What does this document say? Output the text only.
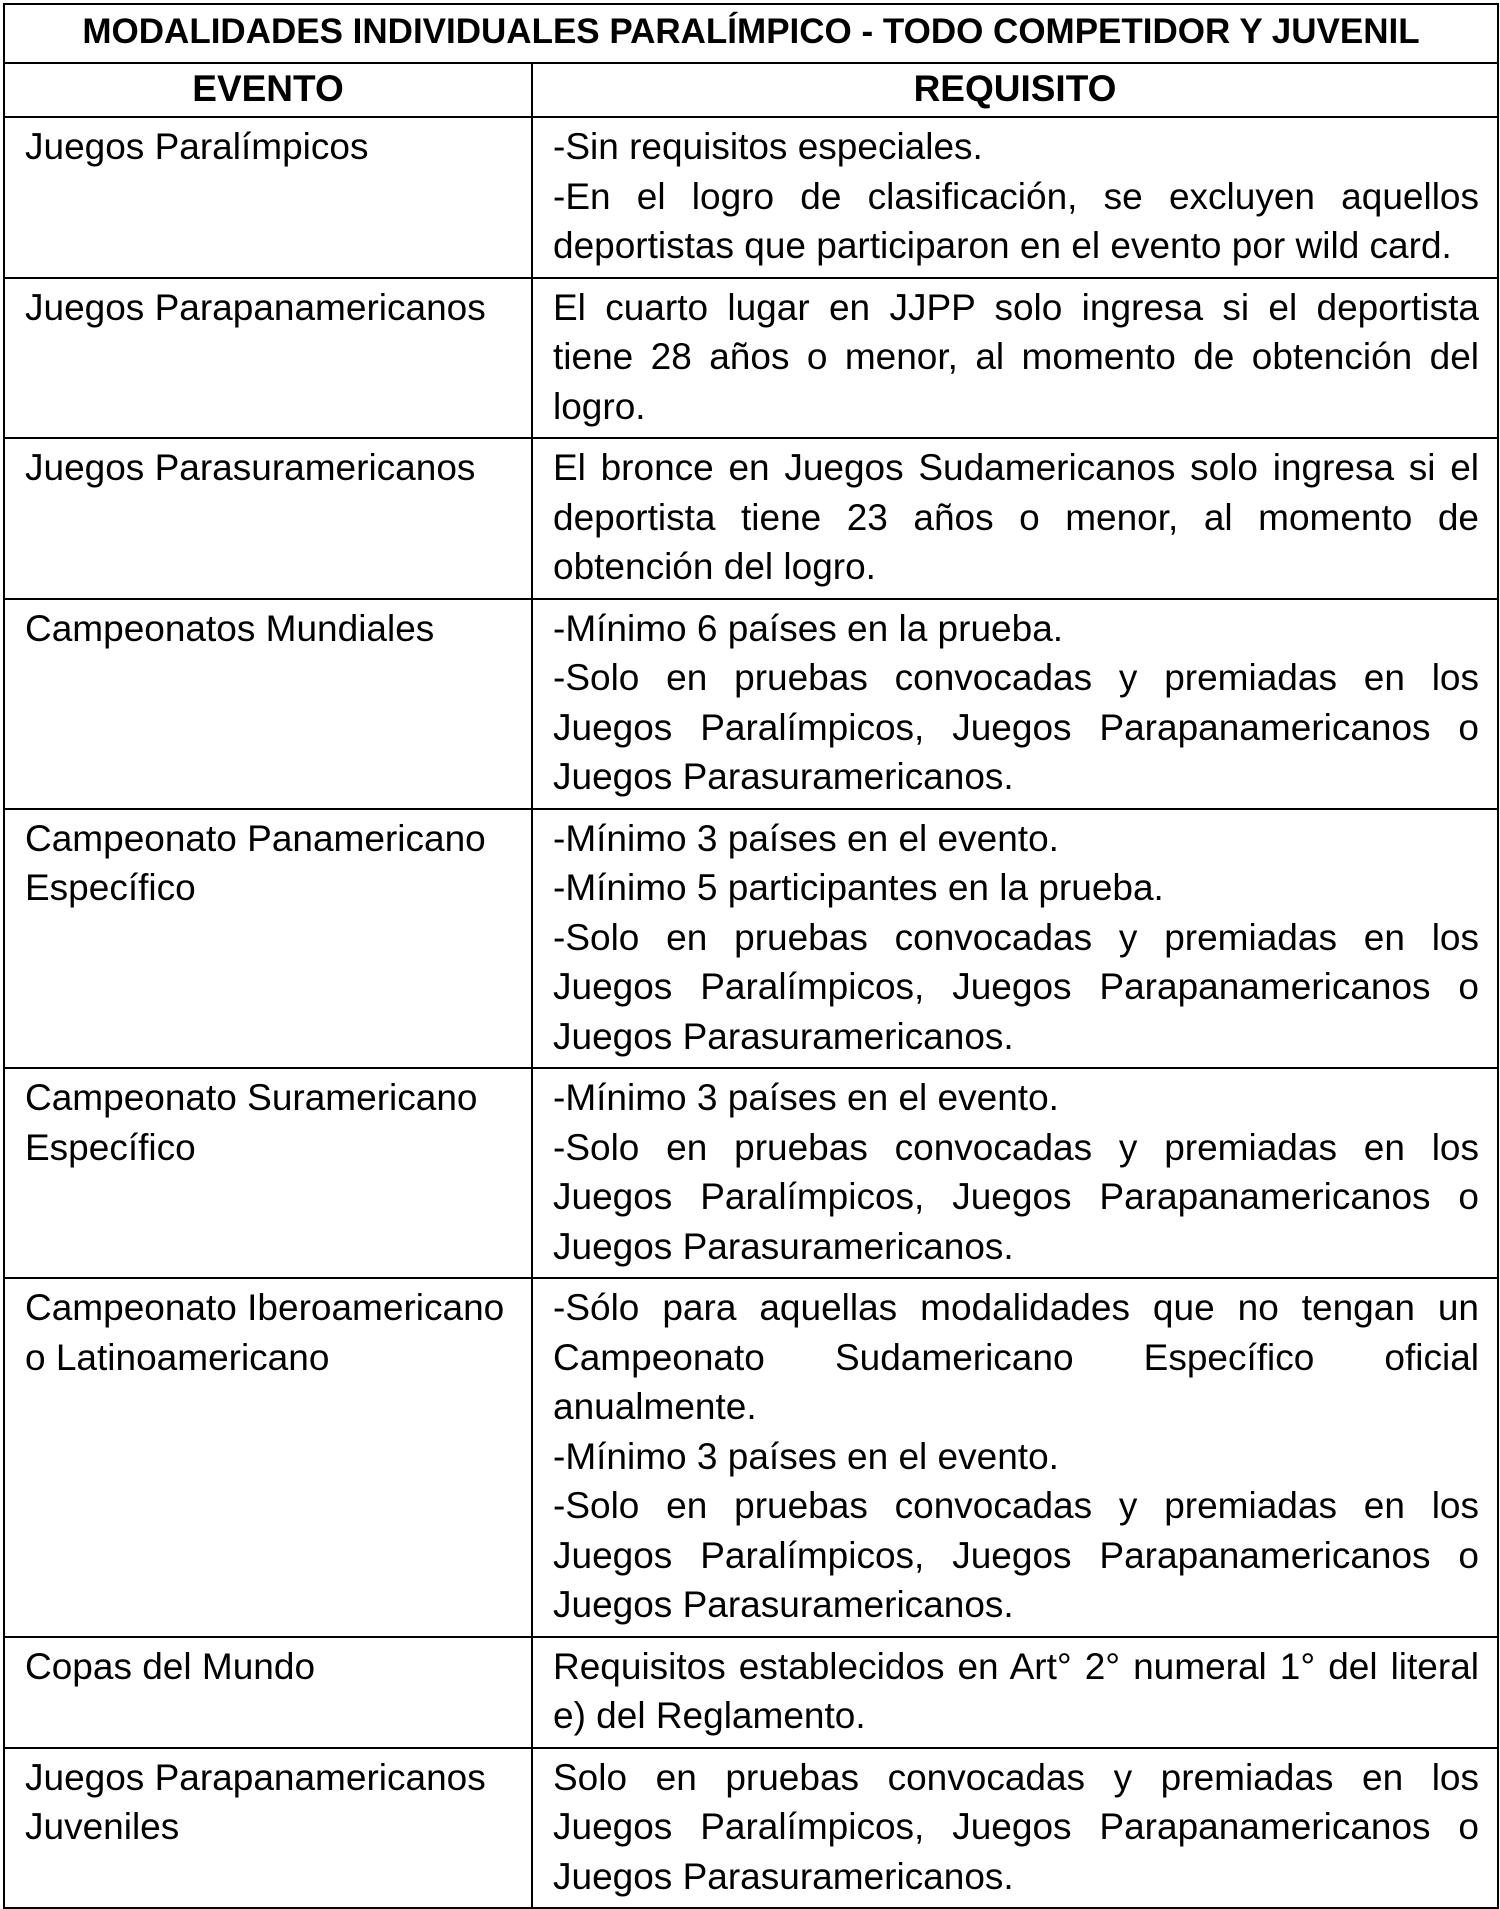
MODALIDADES INDIVIDUALES PARALÍMPICO - TODO COMPETIDOR Y JUVENIL	
EVENTO	REQUISITO
Juegos Paralímpicos	-Sin requisitos especiales.
-En el logro de clasificación, se excluyen aquellos deportistas que participaron en el evento por wild card.

Juegos Parapanamericanos	El cuarto lugar en JJPP solo ingresa si el deportista tiene 28 años o menor, al momento de obtención del logro.

Juegos Parasuramericanos	El bronce en Juegos Sudamericanos solo ingresa si el deportista tiene 23 años o menor, al momento de obtención del logro.

Campeonatos Mundiales	-Mínimo 6 países en la prueba.
-Solo en pruebas convocadas y premiadas en los Juegos Paralímpicos, Juegos Parapanamericanos o Juegos Parasuramericanos.

Campeonato Panamericano Específico	-Mínimo 3 países en el evento.
-Mínimo 5 participantes en la prueba.
-Solo en pruebas convocadas y premiadas en los Juegos Paralímpicos, Juegos Parapanamericanos o Juegos Parasuramericanos.

Campeonato Suramericano Específico	-Mínimo 3 países en el evento.
-Solo en pruebas convocadas y premiadas en los Juegos Paralímpicos, Juegos Parapanamericanos o Juegos Parasuramericanos.

Campeonato Iberoamericano o Latinoamericano	-Sólo para aquellas modalidades que no tengan un Campeonato Sudamericano Específico oficial anualmente.
-Mínimo 3 países en el evento.
-Solo en pruebas convocadas y premiadas en los Juegos Paralímpicos, Juegos Parapanamericanos o Juegos Parasuramericanos.

Copas del Mundo	Requisitos establecidos en Art° 2° numeral 1° del literal e) del Reglamento.

Juegos Parapanamericanos Juveniles	Solo en pruebas convocadas y premiadas en los Juegos Paralímpicos, Juegos Parapanamericanos o Juegos Parasuramericanos.
